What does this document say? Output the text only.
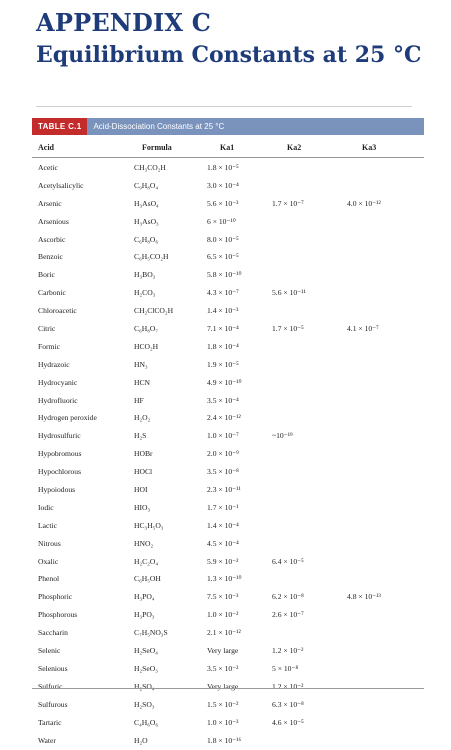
APPENDIX C
Equilibrium Constants at 25 °C
TABLE C.1	Acid-Dissociation Constants at 25 °C
Acid	Formula	Ka1	Ka2	Ka3
Acetic	CH₃CO₂H	1.8 × 10⁻⁵
Acetylsalicylic	C₉H₈O₄	3.0 × 10⁻⁴
Arsenic	H₃AsO₄	5.6 × 10⁻³	1.7 × 10⁻⁷	4.0 × 10⁻¹²
Arsenious	H₃AsO₃	6 × 10⁻¹⁰
Ascorbic	C₆H₈O₆	8.0 × 10⁻⁵
Benzoic	C₆H₅CO₂H	6.5 × 10⁻⁵
Boric	H₃BO₃	5.8 × 10⁻¹⁰
Carbonic	H₂CO₃	4.3 × 10⁻⁷	5.6 × 10⁻¹¹
Chloroacetic	CH₂ClCO₂H	1.4 × 10⁻³
Citric	C₆H₈O₇	7.1 × 10⁻⁴	1.7 × 10⁻⁵	4.1 × 10⁻⁷
Formic	HCO₂H	1.8 × 10⁻⁴
Hydrazoic	HN₃	1.9 × 10⁻⁵
Hydrocyanic	HCN	4.9 × 10⁻¹⁰
Hydrofluoric	HF	3.5 × 10⁻⁴
Hydrogen peroxide	H₂O₂	2.4 × 10⁻¹²
Hydrosulfuric	H₂S	1.0 × 10⁻⁷	~10⁻¹⁹
Hypobromous	HOBr	2.0 × 10⁻⁹
Hypochlorous	HOCl	3.5 × 10⁻⁸
Hypoiodous	HOI	2.3 × 10⁻¹¹
Iodic	HIO₃	1.7 × 10⁻¹
Lactic	HC₃H₅O₃	1.4 × 10⁻⁴
Nitrous	HNO₂	4.5 × 10⁻⁴
Oxalic	H₂C₂O₄	5.9 × 10⁻²	6.4 × 10⁻⁵
Phenol	C₆H₅OH	1.3 × 10⁻¹⁰
Phosphoric	H₃PO₄	7.5 × 10⁻³	6.2 × 10⁻⁸	4.8 × 10⁻¹³
Phosphorous	H₃PO₃	1.0 × 10⁻²	2.6 × 10⁻⁷
Saccharin	C₇H₅NO₃S	2.1 × 10⁻¹²
Selenic	H₂SeO₄	Very large	1.2 × 10⁻²
Selenious	H₂SeO₃	3.5 × 10⁻²	5 × 10⁻⁸
Sulfuric	H₂SO₄	Very large	1.2 × 10⁻²
Sulfurous	H₂SO₃	1.5 × 10⁻²	6.3 × 10⁻⁸
Tartaric	C₄H₆O₆	1.0 × 10⁻³	4.6 × 10⁻⁵
Water	H₂O	1.8 × 10⁻¹⁶
